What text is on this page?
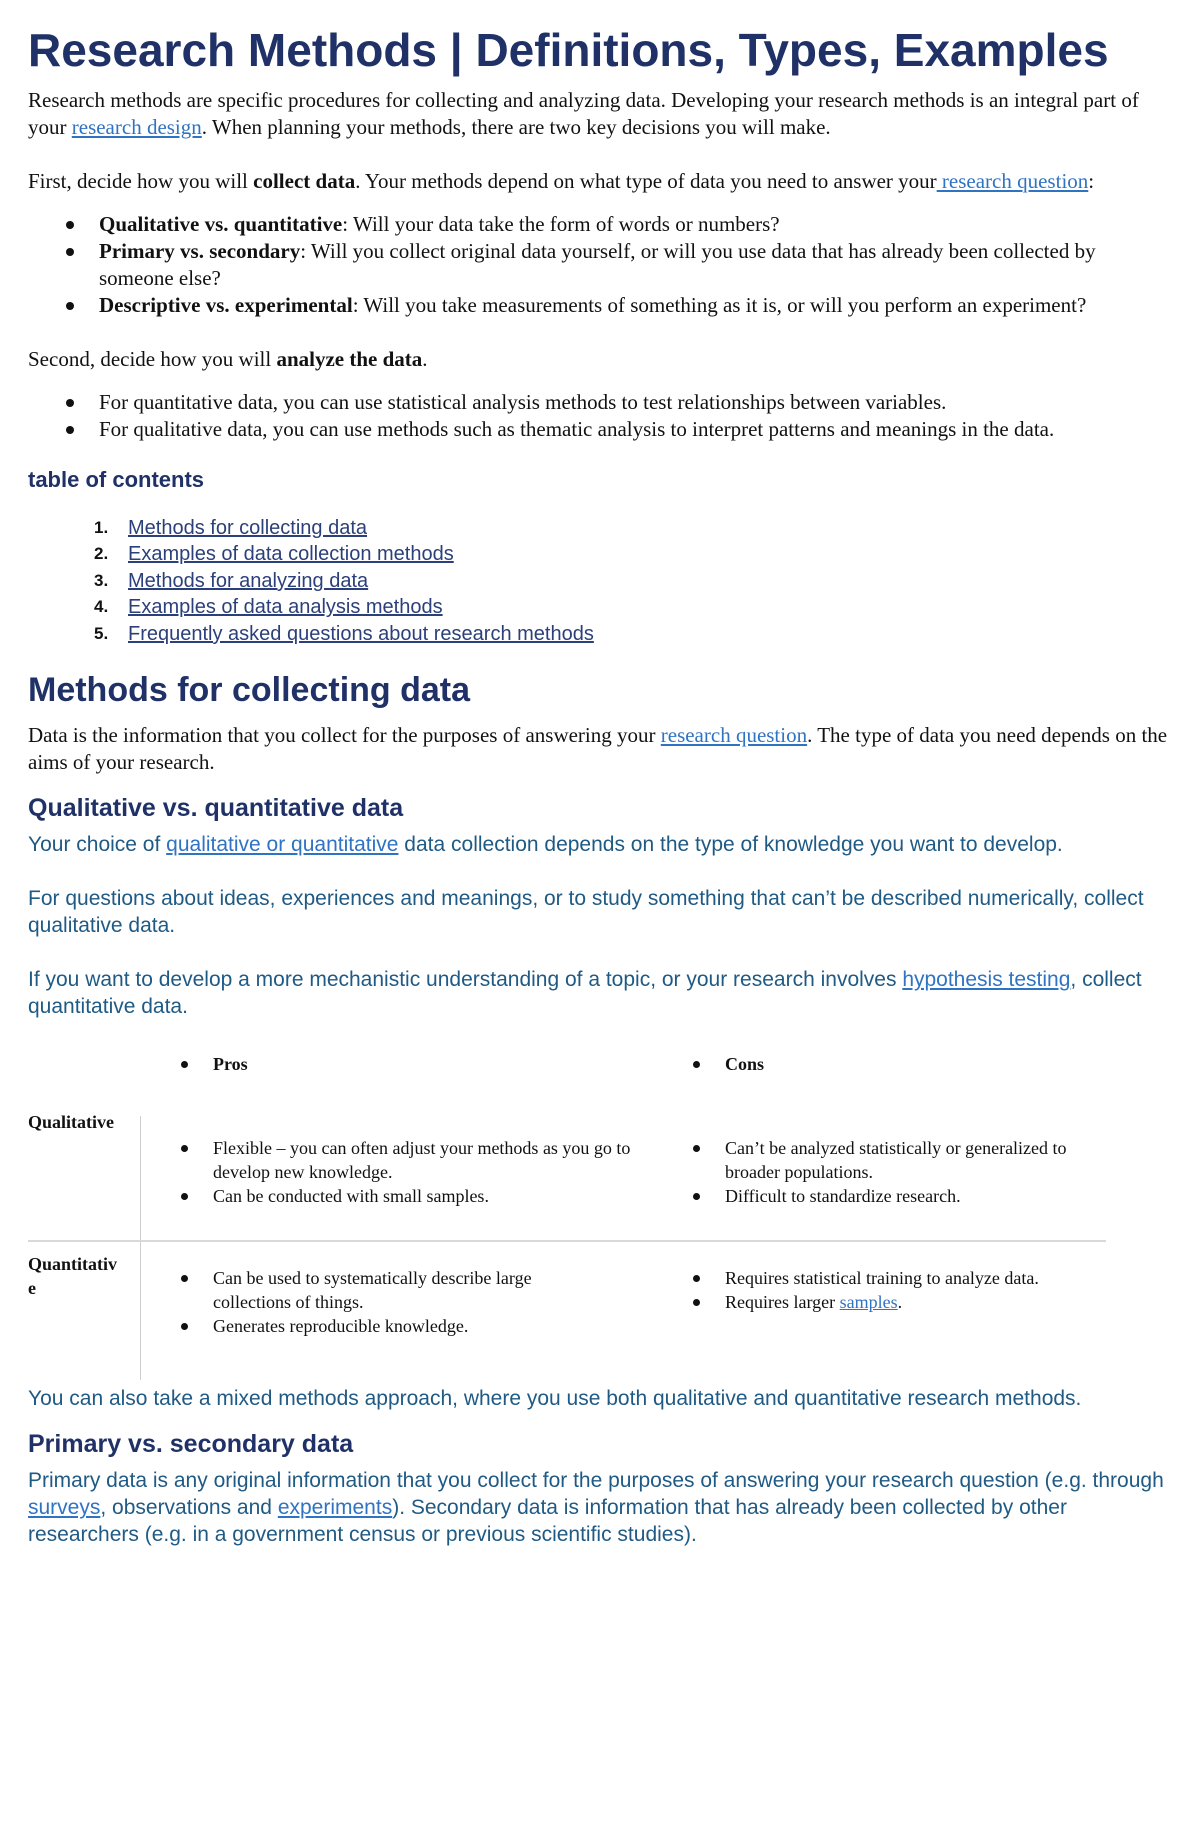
Research Methods | Definitions, Types, Examples

Research methods are specific procedures for collecting and analyzing data. Developing your research methods is an integral part of your research design. When planning your methods, there are two key decisions you will make.

First, decide how you will collect data. Your methods depend on what type of data you need to answer your research question:

Qualitative vs. quantitative: Will your data take the form of words or numbers?
Primary vs. secondary: Will you collect original data yourself, or will you use data that has already been collected by someone else?
Descriptive vs. experimental: Will you take measurements of something as it is, or will you perform an experiment?

Second, decide how you will analyze the data.

For quantitative data, you can use statistical analysis methods to test relationships between variables.
For qualitative data, you can use methods such as thematic analysis to interpret patterns and meanings in the data.
table of contents
1. Methods for collecting data
2. Examples of data collection methods
3. Methods for analyzing data
4. Examples of data analysis methods
5. Frequently asked questions about research methods
Methods for collecting data

Data is the information that you collect for the purposes of answering your research question. The type of data you need depends on the aims of your research.

Qualitative vs. quantitative data

Your choice of qualitative or quantitative data collection depends on the type of knowledge you want to develop.

For questions about ideas, experiences and meanings, or to study something that can’t be described numerically, collect qualitative data.

If you want to develop a more mechanistic understanding of a topic, or your research involves hypothesis testing, collect quantitative data.

Pros	Cons
Qualitative
Quantitativ
e
Flexible – you can often adjust your methods as you go to develop new knowledge.
Can be conducted with small samples.
Can’t be analyzed statistically or generalized to broader populations.
Difficult to standardize research.
Can be used to systematically describe large collections of things.
Generates reproducible knowledge.
Requires statistical training to analyze data.
Requires larger samples.

You can also take a mixed methods approach, where you use both qualitative and quantitative research methods.

Primary vs. secondary data

Primary data is any original information that you collect for the purposes of answering your research question (e.g. through surveys, observations and experiments). Secondary data is information that has already been collected by other researchers (e.g. in a government census or previous scientific studies).
